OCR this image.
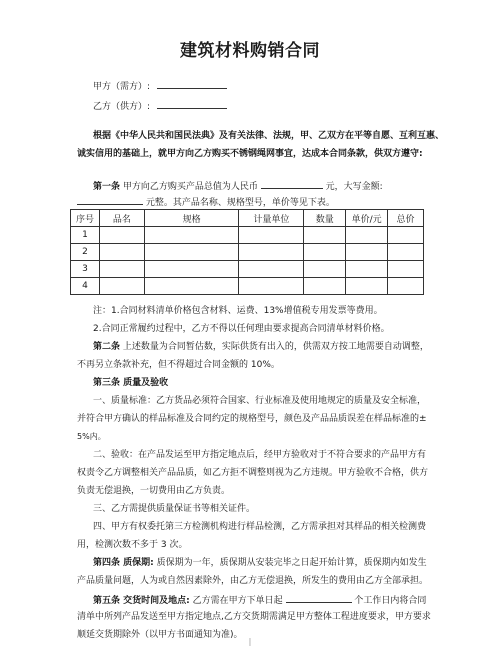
建筑材料购销合同
甲方（需方）:
乙方（供方）:
根据《中华人民共和国民法典》及有关法律、法规，甲、乙双方在平等自愿、互利互惠、
诚实信用的基础上，就甲方向乙方购买不锈钢绳网事宜，达成本合同条款，供双方遵守:
第一条 甲方向乙方购买产品总值为人民币	元，大写金额:
元整。其产品名称、规格型号，单价等见下表。
序号	品名	规格	计量单位	数量	单价/元	总价
1						
2						
3						
4						
注：1.合同材料清单价格包含材料、运费、13%增值税专用发票等费用。
2.合同正常履约过程中，乙方不得以任何理由要求提高合同清单材料价格。
第二条 上述数量为合同暂估数，实际供货有出入的，供需双方按工地需要自动调整，
不再另立条款补充，但不得超过合同金额的 10%。
第三条 质量及验收
一、质量标准：乙方货品必须符合国家、行业标准及使用地规定的质量及安全标准，
并符合甲方确认的样品标准及合同约定的规格型号，颜色及产品品质误差在样品标准的±
5%内。
二、验收：在产品发运至甲方指定地点后，经甲方验收对于不符合要求的产品甲方有
权责令乙方调整相关产品品质，如乙方拒不调整则视为乙方违规。甲方验收不合格，供方
负责无偿退换，一切费用由乙方负责。
三、乙方需提供质量保证书等相关证件。
四、甲方有权委托第三方检测机构进行样品检测，乙方需承担对其样品的相关检测费
用，检测次数不多于 3 次。
第四条 质保期: 质保期为一年，质保期从安装完毕之日起开始计算，质保期内如发生
产品质量问题，人为或自然因素除外，由乙方无偿退换，所发生的费用由乙方全部承担。
第五条 交货时间及地点: 乙方需在甲方下单日起	个工作日内将合同
清单中所列产品发送至甲方指定地点,乙方交货期需满足甲方整体工程进度要求，甲方要求
顺延交货期除外（以甲方书面通知为准)。
|
